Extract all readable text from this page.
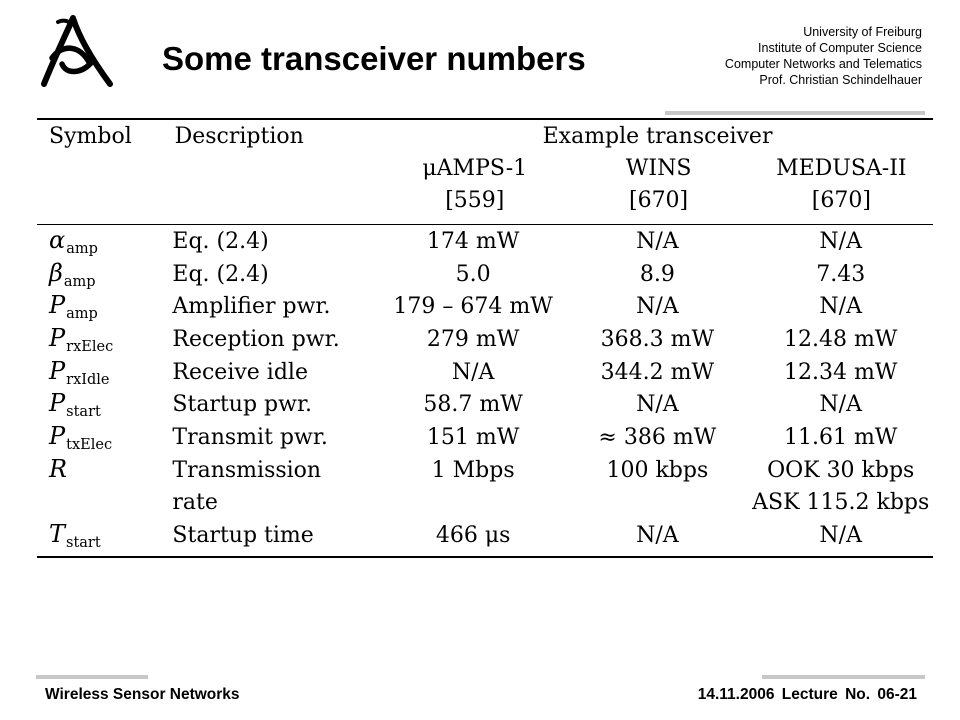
Some transceiver numbers
University of Freiburg
Institute of Computer Science
Computer Networks and Telematics
Prof. Christian Schindelhauer
Symbol	Description	Example transceiver		
		μAMPS-1	WINS	MEDUSA-II
		[559]	[670]	[670]

$\alpha_{amp}$	Eq. (2.4)	174 mW	N/A	N/A
$\beta_{amp}$	Eq. (2.4)	5.0	8.9	7.43
$P_{amp}$	Amplifier pwr.	179 – 674 mW	N/A	N/A
$P_{rxElec}$	Reception pwr.	279 mW	368.3 mW	12.48 mW
$P_{rxIdle}$	Receive idle	N/A	344.2 mW	12.34 mW
$P_{start}$	Startup pwr.	58.7 mW	N/A	N/A
$P_{txElec}$	Transmit pwr.	151 mW	≈ 386 mW	11.61 mW
R	Transmission	1 Mbps	100 kbps	OOK 30 kbps
	rate			ASK 115.2 kbps
$T_{start}$	Startup time	466 μs	N/A	N/A
Wireless Sensor Networks	14.11.2006 Lecture No. 06-21
